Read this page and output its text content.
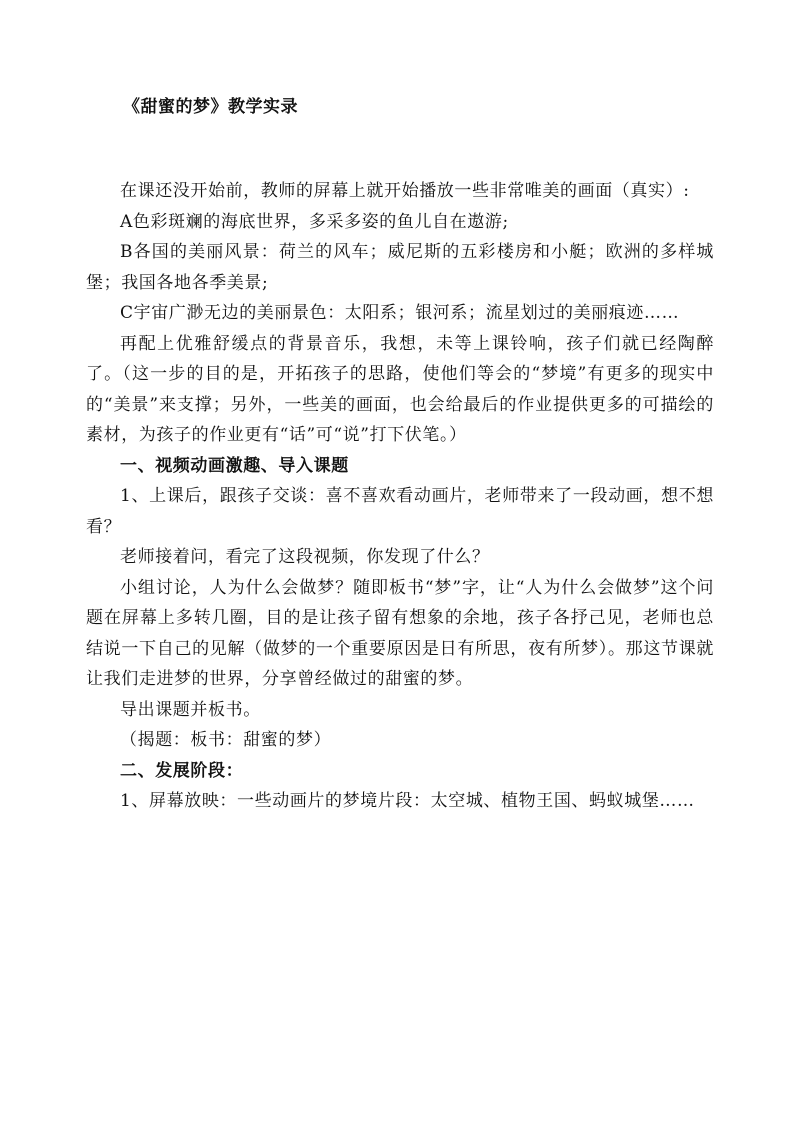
《甜蜜的梦》教学实录

在课还没开始前，教师的屏幕上就开始播放一些非常唯美的画面（真实）:

A色彩斑斓的海底世界，多采多姿的鱼儿自在遨游;

B各国的美丽风景：荷兰的风车；威尼斯的五彩楼房和小艇；欧洲的多样城堡；我国各地各季美景;

C宇宙广渺无边的美丽景色：太阳系；银河系；流星划过的美丽痕迹……

再配上优雅舒缓点的背景音乐，我想，未等上课铃响，孩子们就已经陶醉了。（这一步的目的是，开拓孩子的思路，使他们等会的“梦境”有更多的现实中的“美景”来支撑；另外，一些美的画面，也会给最后的作业提供更多的可描绘的素材，为孩子的作业更有“话”可“说”打下伏笔。）

一、视频动画激趣、导入课题

1、上课后，跟孩子交谈：喜不喜欢看动画片，老师带来了一段动画，想不想看？

老师接着问，看完了这段视频，你发现了什么？

小组讨论，人为什么会做梦？随即板书“梦”字，让“人为什么会做梦”这个问题在屏幕上多转几圈，目的是让孩子留有想象的余地，孩子各抒己见，老师也总结说一下自己的见解（做梦的一个重要原因是日有所思，夜有所梦）。那这节课就让我们走进梦的世界，分享曾经做过的甜蜜的梦。

导出课题并板书。

（揭题：板书：甜蜜的梦）

二、发展阶段：

1、屏幕放映：一些动画片的梦境片段：太空城、植物王国、蚂蚁城堡……
